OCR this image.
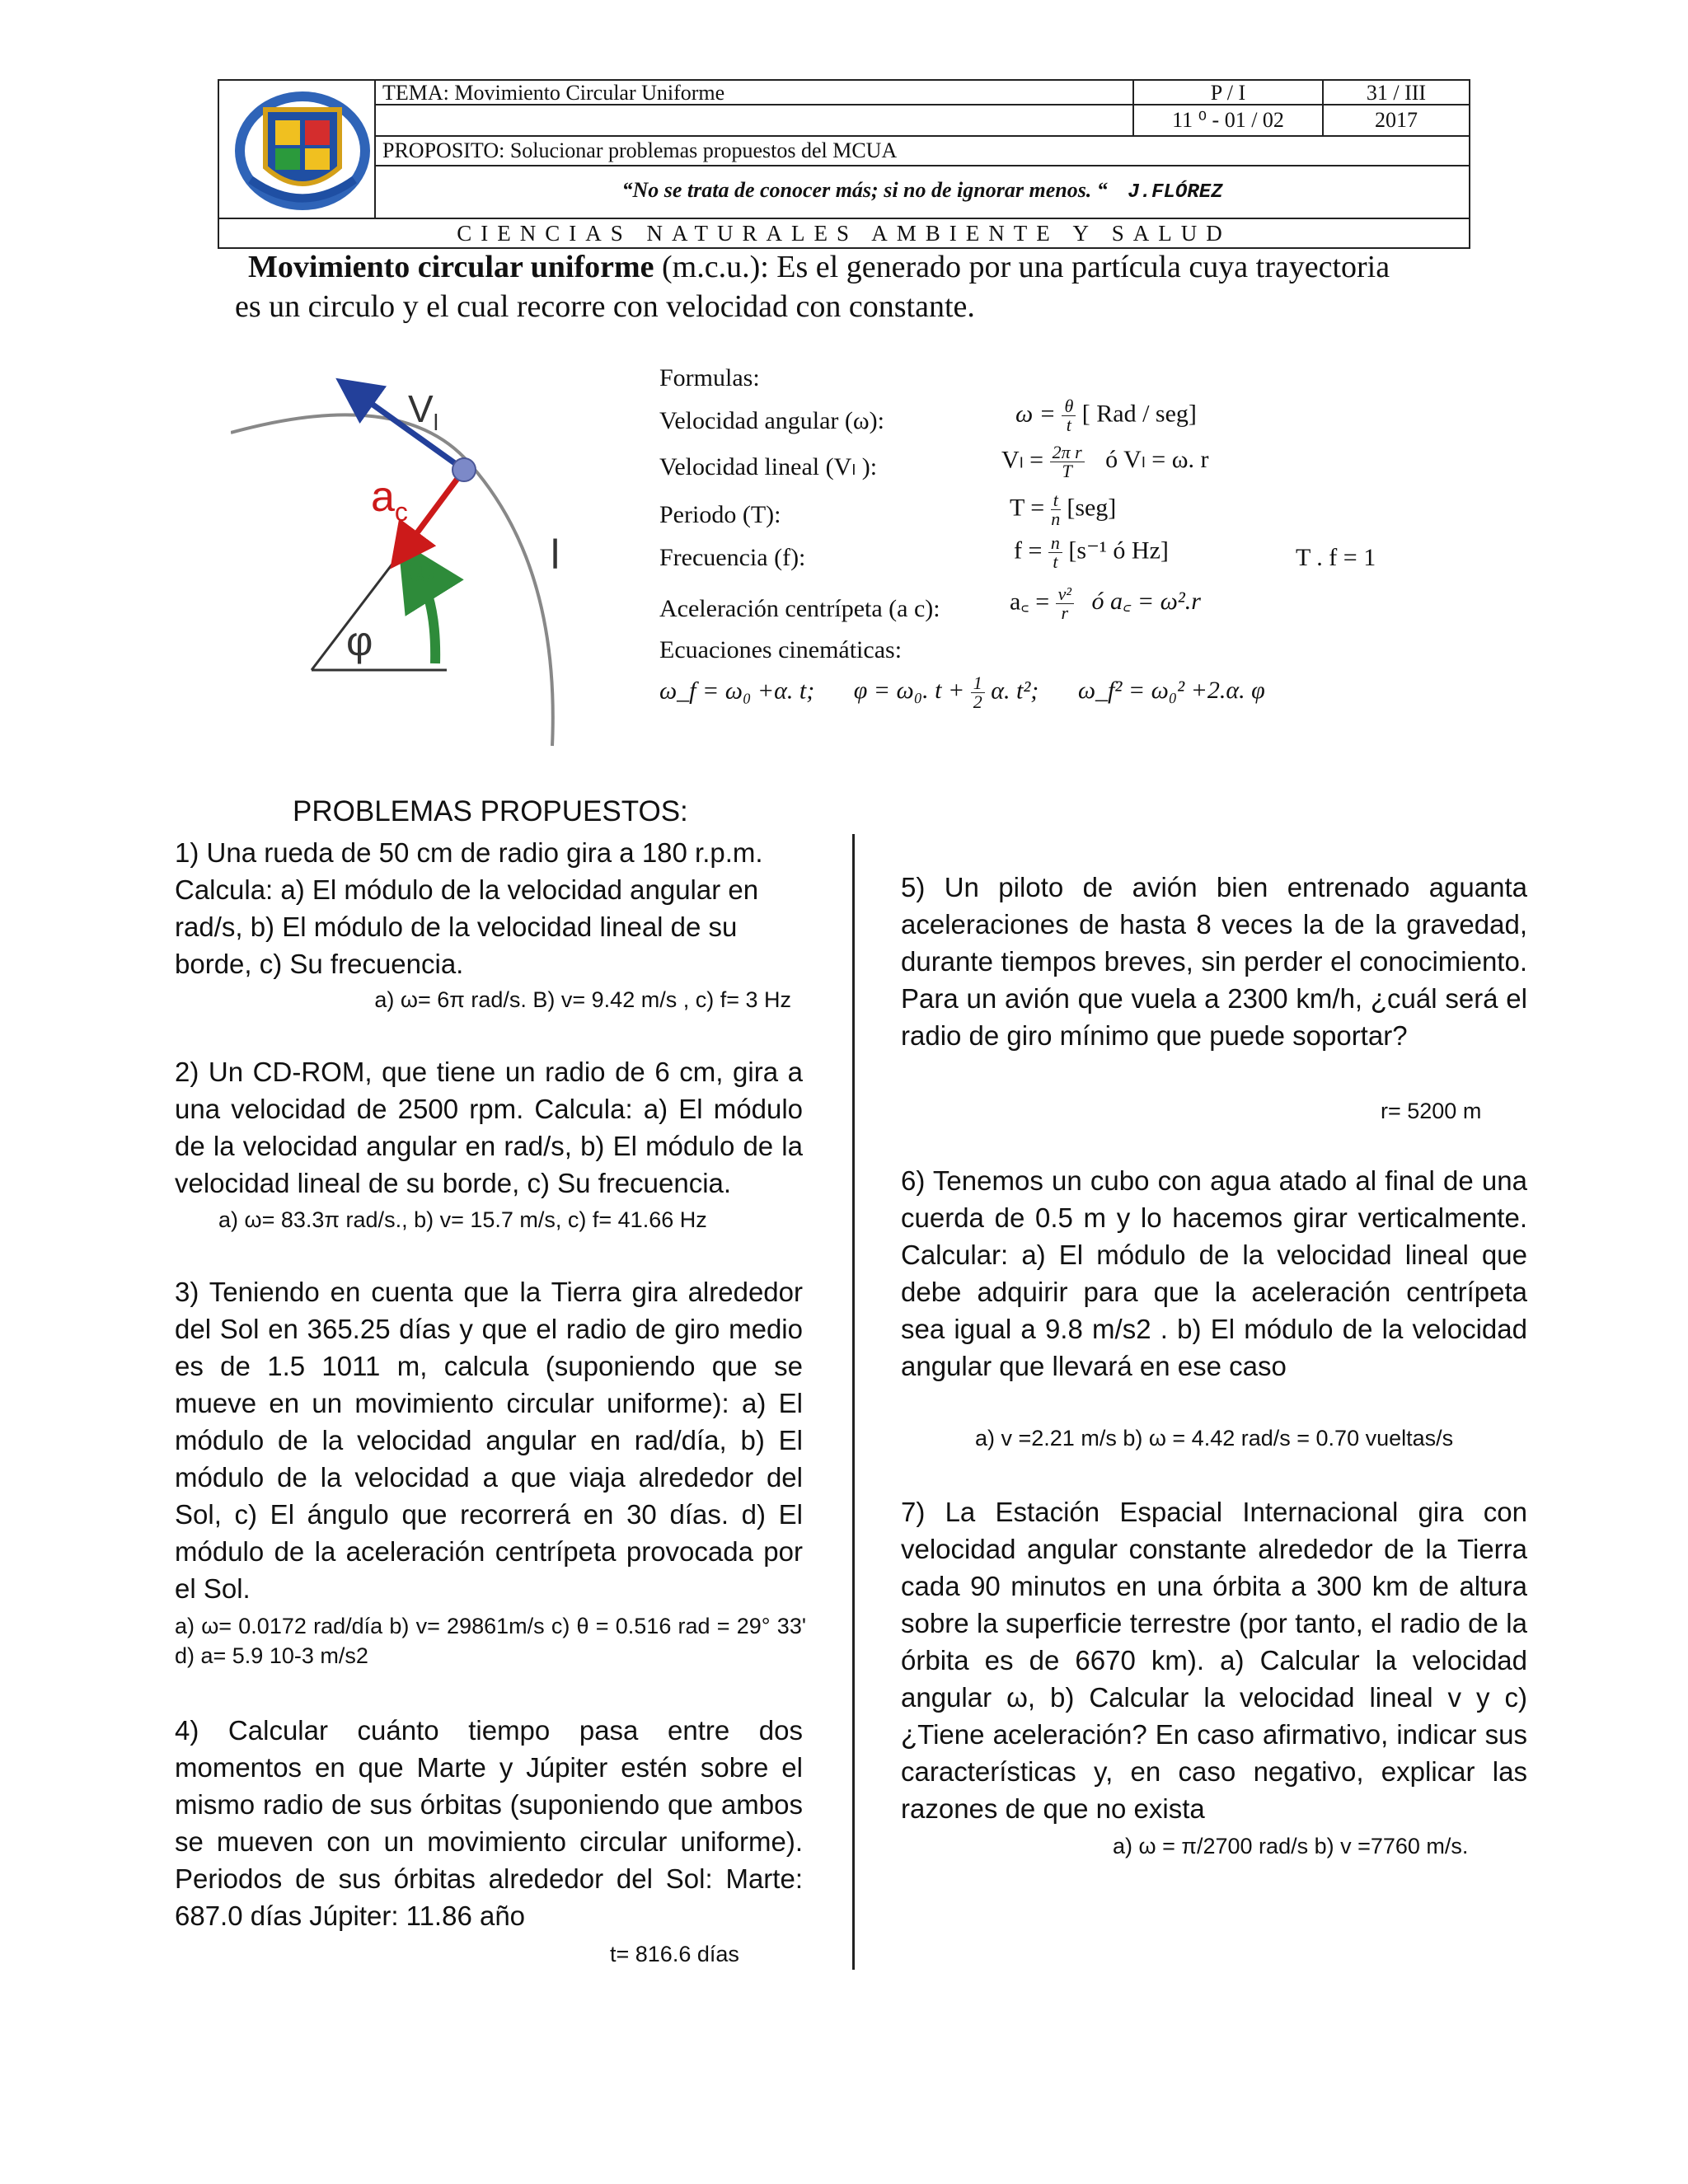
TEMA: Movimiento Circular Uniforme	P / I	31 / III
11 ⁰ - 01 / 02	2017
PROPOSITO: Solucionar problemas propuestos del MCUA
“No se trata de conocer más; si no de ignorar menos. “ J.FLÓREZ
CIENCIAS NATURALES AMBIENTE Y SALUD
Movimiento circular uniforme (m.c.u.): Es el generado por una partícula cuya trayectoria es un circulo y el cual recorre con velocidad con constante.
$V_l$
$a_c$
ω
φ
l
Formulas:
Velocidad angular (ω):	$\omega = \frac{\theta}{t}$ [ Rad / seg]
Velocidad lineal (Vₗ ):	$V_l = \frac{\text{2π r}}{T}$ ó Vₗ = ω. r
Periodo (T):	$T = \frac{t}{n} [seg]$
Frecuencia (f):	$f = \frac{n}{t} [s^{-1}$ ó Hz]	T . f = 1
Aceleración centrípeta (a c):	a꜀ = $\frac{\text{v²}}{r}$ ó a꜀ = ω².r
Ecuaciones cinemáticas:
ω_f = ω₀ +α. t; φ = ω₀. $t + \frac{1}{2} \alpha$. t²; ω_f² = ω₀² +2.α. φ
PROBLEMAS PROPUESTOS:
1) Una rueda de 50 cm de radio gira a 180 r.p.m. Calcula: a) El módulo de la velocidad angular en rad/s, b) El módulo de la velocidad lineal de su borde, c) Su frecuencia.
a) ω= 6π rad/s. B) v= 9.42 m/s , c) f= 3 Hz
2) Un CD-ROM, que tiene un radio de 6 cm, gira a una velocidad de 2500 rpm. Calcula: a) El módulo de la velocidad angular en rad/s, b) El módulo de la velocidad lineal de su borde, c) Su frecuencia.
a) ω= 83.3π rad/s., b) v= 15.7 m/s, c) f= 41.66 Hz
3) Teniendo en cuenta que la Tierra gira alrededor del Sol en 365.25 días y que el radio de giro medio es de 1.5 1011 m, calcula (suponiendo que se mueve en un movimiento circular uniforme): a) El módulo de la velocidad angular en rad/día, b) El módulo de la velocidad a que viaja alrededor del Sol, c) El ángulo que recorrerá en 30 días. d) El módulo de la aceleración centrípeta provocada por el Sol.
a) ω= 0.0172 rad/día b) v= 29861m/s c) θ = 0.516 rad = 29° 33' d) a= 5.9 10-3 m/s2
4) Calcular cuánto tiempo pasa entre dos momentos en que Marte y Júpiter estén sobre el mismo radio de sus órbitas (suponiendo que ambos se mueven con un movimiento circular uniforme). Periodos de sus órbitas alrededor del Sol: Marte: 687.0 días Júpiter: 11.86 año
t= 816.6 días
5) Un piloto de avión bien entrenado aguanta aceleraciones de hasta 8 veces la de la gravedad, durante tiempos breves, sin perder el conocimiento. Para un avión que vuela a 2300 km/h, ¿cuál será el radio de giro mínimo que puede soportar?
r= 5200 m
6) Tenemos un cubo con agua atado al final de una cuerda de 0.5 m y lo hacemos girar verticalmente. Calcular: a) El módulo de la velocidad lineal que debe adquirir para que la aceleración centrípeta sea igual a 9.8 m/s2 . b) El módulo de la velocidad angular que llevará en ese caso
a) v =2.21 m/s b) ω = 4.42 rad/s = 0.70 vueltas/s
7) La Estación Espacial Internacional gira con velocidad angular constante alrededor de la Tierra cada 90 minutos en una órbita a 300 km de altura sobre la superficie terrestre (por tanto, el radio de la órbita es de 6670 km). a) Calcular la velocidad angular ω, b) Calcular la velocidad lineal v y c) ¿Tiene aceleración? En caso afirmativo, indicar sus características y, en caso negativo, explicar las razones de que no exista
a) ω = π/2700 rad/s b) v =7760 m/s.
